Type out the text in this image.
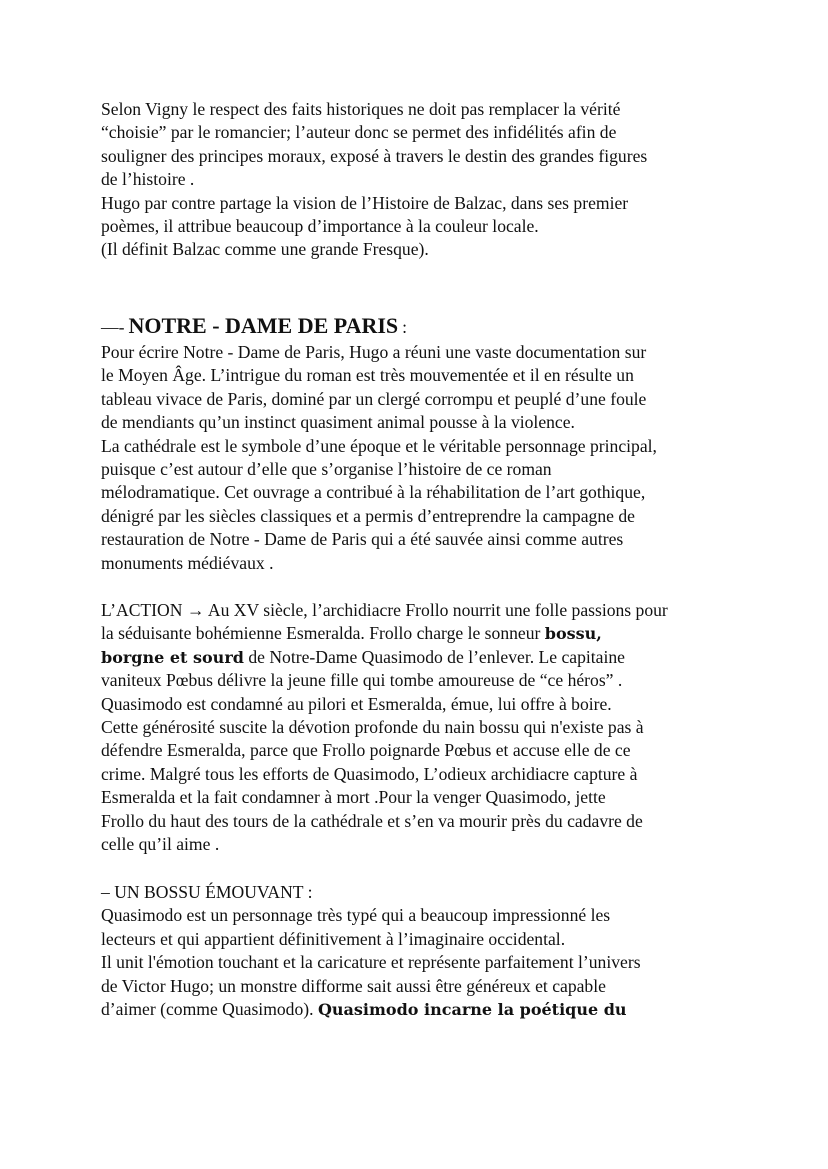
Selon Vigny le respect des faits historiques ne doit pas remplacer la vérité
“choisie” par le romancier; l’auteur donc se permet des infidélités afin de
souligner des principes moraux, exposé à travers le destin des grandes figures
de l’histoire .
Hugo par contre partage la vision de l’Histoire de Balzac, dans ses premier
poèmes, il attribue beaucoup d’importance à la couleur locale.
(Il définit Balzac comme une grande Fresque).
—- NOTRE - DAME DE PARIS :
Pour écrire Notre - Dame de Paris, Hugo a réuni une vaste documentation sur
le Moyen Âge. L’intrigue du roman est très mouvementée et il en résulte un
tableau vivace de Paris, dominé par un clergé corrompu et peuplé d’une foule
de mendiants qu’un instinct quasiment animal pousse à la violence.
La cathédrale est le symbole d’une époque et le véritable personnage principal,
puisque c’est autour d’elle que s’organise l’histoire de ce roman
mélodramatique. Cet ouvrage a contribué à la réhabilitation de l’art gothique,
dénigré par les siècles classiques et a permis d’entreprendre la campagne de
restauration de Notre - Dame de Paris qui a été sauvée ainsi comme autres
monuments médiévaux .
L’ACTION → Au XV siècle, l’archidiacre Frollo nourrit une folle passions pour
la séduisante bohémienne Esmeralda. Frollo charge le sonneur bossu,
borgne et sourd de Notre-Dame Quasimodo de l’enlever. Le capitaine
vaniteux Pœbus délivre la jeune fille qui tombe amoureuse de “ce héros” .
Quasimodo est condamné au pilori et Esmeralda, émue, lui offre à boire.
Cette générosité suscite la dévotion profonde du nain bossu qui n'existe pas à
défendre Esmeralda, parce que Frollo poignarde Pœbus et accuse elle de ce
crime. Malgré tous les efforts de Quasimodo, L’odieux archidiacre capture à
Esmeralda et la fait condamner à mort .Pour la venger Quasimodo, jette
Frollo du haut des tours de la cathédrale et s’en va mourir près du cadavre de
celle qu’il aime .
– UN BOSSU ÉMOUVANT :
Quasimodo est un personnage très typé qui a beaucoup impressionné les
lecteurs et qui appartient définitivement à l’imaginaire occidental.
Il unit l'émotion touchant et la caricature et représente parfaitement l’univers
de Victor Hugo; un monstre difforme sait aussi être généreux et capable
d’aimer (comme Quasimodo). Quasimodo incarne la poétique du
